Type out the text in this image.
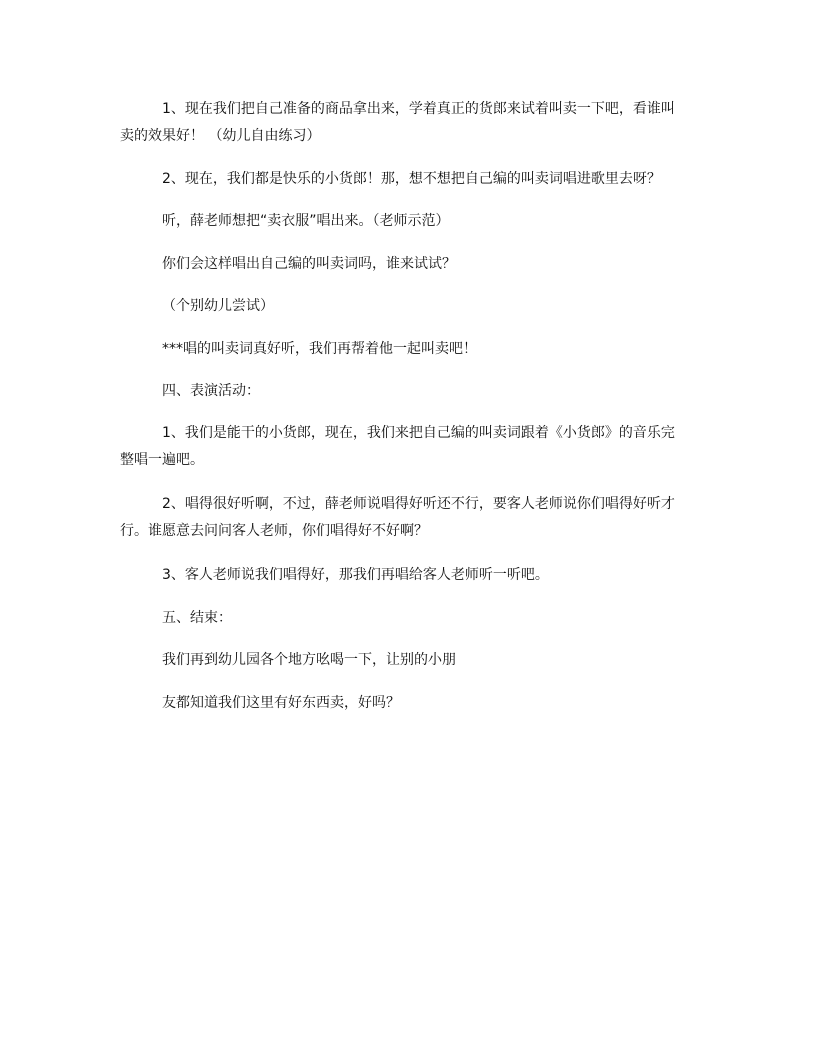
1、现在我们把自己准备的商品拿出来，学着真正的货郎来试着叫卖一下吧，看谁叫卖的效果好！ （幼儿自由练习）

2、现在，我们都是快乐的小货郎！那，想不想把自己编的叫卖词唱进歌里去呀？

听，薛老师想把“卖衣服”唱出来。（老师示范）

你们会这样唱出自己编的叫卖词吗，谁来试试？

（个别幼儿尝试）

***唱的叫卖词真好听，我们再帮着他一起叫卖吧！

四、表演活动：

1、我们是能干的小货郎，现在，我们来把自己编的叫卖词跟着《小货郎》的音乐完整唱一遍吧。

2、唱得很好听啊，不过，薛老师说唱得好听还不行，要客人老师说你们唱得好听才行。谁愿意去问问客人老师，你们唱得好不好啊？

3、客人老师说我们唱得好，那我们再唱给客人老师听一听吧。

五、结束：

我们再到幼儿园各个地方吆喝一下，让别的小朋

友都知道我们这里有好东西卖，好吗？
